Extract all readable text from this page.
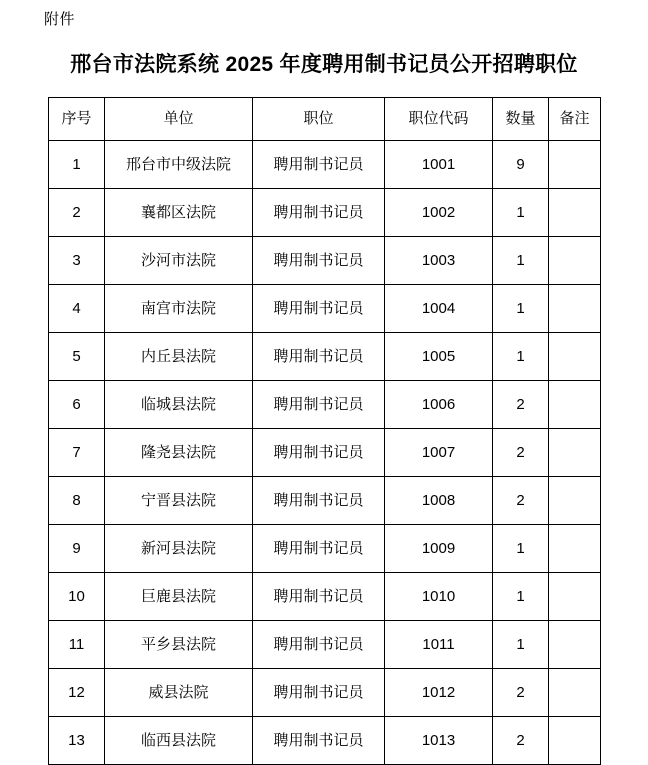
附件
邢台市法院系统 2025 年度聘用制书记员公开招聘职位
序号	单位	职位	职位代码	数量	备注
1	邢台市中级法院	聘用制书记员	1001	9	
2	襄都区法院	聘用制书记员	1002	1	
3	沙河市法院	聘用制书记员	1003	1	
4	南宫市法院	聘用制书记员	1004	1	
5	内丘县法院	聘用制书记员	1005	1	
6	临城县法院	聘用制书记员	1006	2	
7	隆尧县法院	聘用制书记员	1007	2	
8	宁晋县法院	聘用制书记员	1008	2	
9	新河县法院	聘用制书记员	1009	1	
10	巨鹿县法院	聘用制书记员	1010	1	
11	平乡县法院	聘用制书记员	1011	1	
12	威县法院	聘用制书记员	1012	2	
13	临西县法院	聘用制书记员	1013	2	
